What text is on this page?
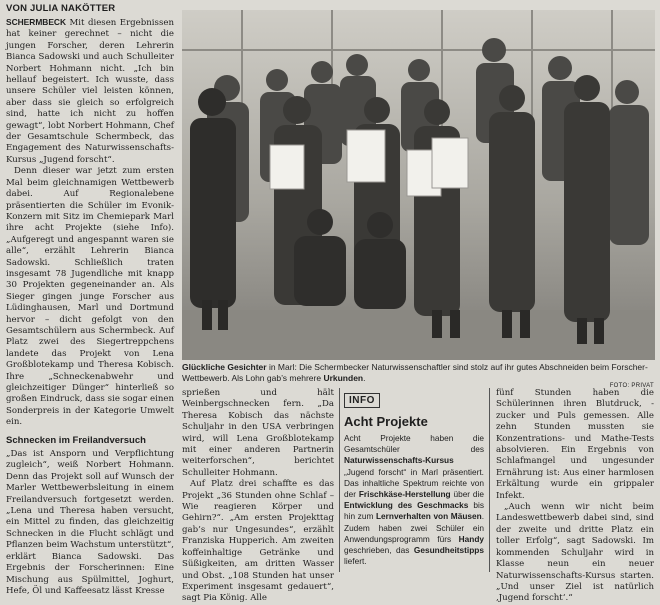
VON JULIA NAKÖTTER

SCHERMBECK Mit diesen Ergebnissen hat keiner gerechnet – nicht die jungen Forscher, deren Lehrerin Bianca Sadowski und auch Schulleiter Norbert Hohmann nicht. „Ich bin hellauf begeistert. Ich wusste, dass unsere Schüler viel leisten können, aber dass sie gleich so erfolgreich sind, hatte ich nicht zu hoffen gewagt“, lobt Norbert Hohmann, Chef der Gesamtschule Schermbeck, das Engagement des Naturwissenschafts-Kursus „Jugend forscht“.

Denn dieser war jetzt zum ersten Mal beim gleichnamigen Wettbewerb dabei. Auf Regionalebene präsentierten die Schüler im Evonik-Konzern mit Sitz im Chemiepark Marl ihre acht Projekte (siehe Info). „Aufgeregt und angespannt waren sie alle“, erzählt Lehrerin Bianca Sadowski. Schließlich traten insgesamt 78 Jugendliche mit knapp 30 Projekten gegeneinander an. Als Sieger gingen junge Forscher aus Lüdinghausen, Marl und Dortmund hervor – dicht gefolgt von den Gesamtschülern aus Schermbeck. Auf Platz zwei des Siegertreppchens landete das Projekt von Lena Großblotekamp und Theresa Kobisch. Ihre „Schneckenabwehr und gleichzeitiger Dünger“ hinterließ so großen Eindruck, dass sie sogar einen Sonderpreis in der Kategorie Umwelt ein.

Schnecken im Freilandversuch

„Das ist Ansporn und Verpflichtung zugleich“, weiß Norbert Hohmann. Denn das Projekt soll auf Wunsch der Marler Wettbewerbsleitung in einem Freilandversuch fortgesetzt werden. „Lena und Theresa haben versucht, ein Mittel zu finden, das gleichzeitig Schnecken in die Flucht schlägt und Pflanzen beim Wachstum unterstützt“, erklärt Bianca Sadowski. Das Ergebnis der Forscherinnen: Eine Mischung aus Spülmittel, Joghurt, Hefe, Öl und Kaffeesatz lässt Kresse

Glückliche Gesichter in Marl: Die Schermbecker Naturwissenschaftler sind stolz auf ihr gutes Abschneiden beim Forscher-Wettbewerb. Als Lohn gab’s mehrere Urkunden.
FOTO: PRIVAT

sprießen und hält Weinbergschnecken fern. „Da Theresa Kobisch das nächste Schuljahr in den USA verbringen wird, will Lena Großblotekamp mit einer anderen Partnerin weiterforschen“, berichtet Schulleiter Hohmann.

Auf Platz drei schaffte es das Projekt „36 Stunden ohne Schlaf – Wie reagieren Körper und Gehirn?“. „Am ersten Projekttag gab’s nur Ungesundes“, erzählt Franziska Hupperich. Am zweiten koffeinhaltige Getränke und Süßigkeiten, am dritten Wasser und Obst. „108 Stunden hat unser Experiment insgesamt gedauert“, sagt Pia König. Alle

INFO
Acht Projekte
Acht Projekte haben die Gesamtschüler des Naturwissenschafts-Kursus „Jugend forscht“ in Marl präsentiert. Das inhaltliche Spektrum reichte von der Frischkäse-Herstellung über die Entwicklung des Geschmacks bis hin zum Lernverhalten von Mäusen. Zudem haben zwei Schüler ein Anwendungsprogramm fürs Handy geschrieben, das Gesundheitstipps liefert.

fünf Stunden haben die Schülerinnen ihren Blutdruck, -zucker und Puls gemessen. Alle zehn Stunden mussten sie Konzentrations- und Mathe-Tests absolvieren. Ein Ergebnis von Schlafmangel und ungesunder Ernährung ist: Aus einer harmlosen Erkältung wurde ein grippaler Infekt.

„Auch wenn wir nicht beim Landeswettbewerb dabei sind, sind der zweite und dritte Platz ein toller Erfolg“, sagt Sadowski. Im kommenden Schuljahr wird in Klasse neun ein neuer Naturwissenschafts-Kursus starten. „Und unser Ziel ist natürlich ‚Jugend forscht‘.“
